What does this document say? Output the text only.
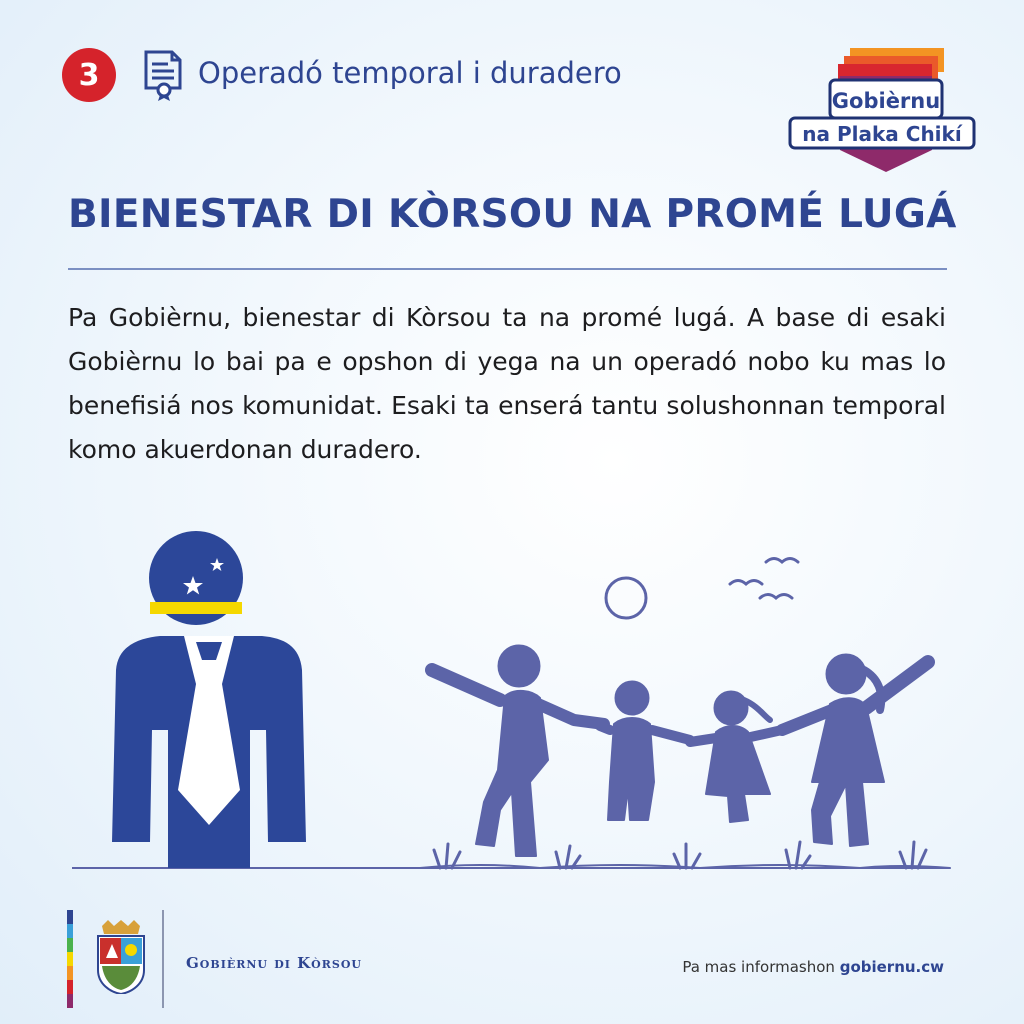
3	Operadó temporal i duradero
Gobièrnu
na Plaka Chikí
BIENESTAR DI KÒRSOU NA PROMÉ LUGÁ
Pa Gobièrnu, bienestar di Kòrsou ta na promé lugá. A base di esaki Gobièrnu lo bai pa e opshon di yega na un operadó nobo ku mas lo benefisiá nos komunidat. Esaki ta enserá tantu solushonnan temporal komo akuerdonan duradero.
Gobièrnu di Kòrsou	Pa mas informashon gobiernu.cw
